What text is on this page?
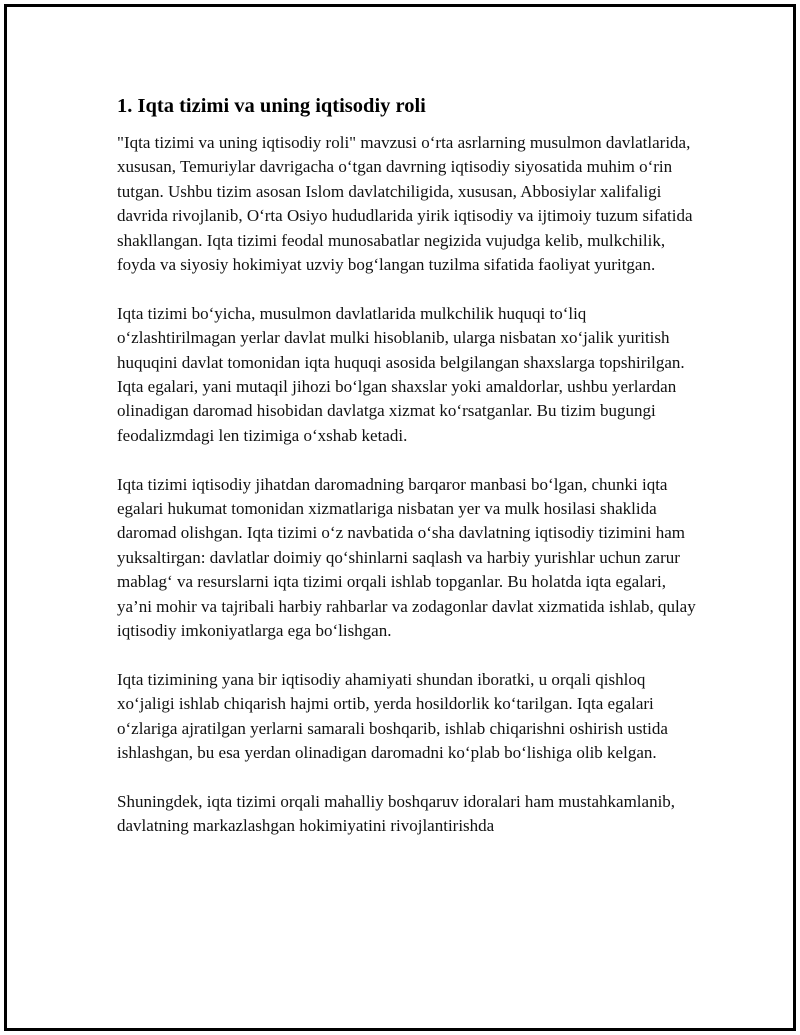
1. Iqta tizimi va uning iqtisodiy roli

"Iqta tizimi va uning iqtisodiy roli" mavzusi o‘rta asrlarning musulmon davlatlarida, xususan, Temuriylar davrigacha o‘tgan davrning iqtisodiy siyosatida muhim o‘rin tutgan. Ushbu tizim asosan Islom davlatchiligida, xususan, Abbosiylar xalifaligi davrida rivojlanib, O‘rta Osiyo hududlarida yirik iqtisodiy va ijtimoiy tuzum sifatida shakllangan. Iqta tizimi feodal munosabatlar negizida vujudga kelib, mulkchilik, foyda va siyosiy hokimiyat uzviy bog‘langan tuzilma sifatida faoliyat yuritgan.

Iqta tizimi bo‘yicha, musulmon davlatlarida mulkchilik huquqi to‘liq o‘zlashtirilmagan yerlar davlat mulki hisoblanib, ularga nisbatan xo‘jalik yuritish huquqini davlat tomonidan iqta huquqi asosida belgilangan shaxslarga topshirilgan. Iqta egalari, yani mutaqil jihozi bo‘lgan shaxslar yoki amaldorlar, ushbu yerlardan olinadigan daromad hisobidan davlatga xizmat ko‘rsatganlar. Bu tizim bugungi feodalizmdagi len tizimiga o‘xshab ketadi.

Iqta tizimi iqtisodiy jihatdan daromadning barqaror manbasi bo‘lgan, chunki iqta egalari hukumat tomonidan xizmatlariga nisbatan yer va mulk hosilasi shaklida daromad olishgan. Iqta tizimi o‘z navbatida o‘sha davlatning iqtisodiy tizimini ham yuksaltirgan: davlatlar doimiy qo‘shinlarni saqlash va harbiy yurishlar uchun zarur mablag‘ va resurslarni iqta tizimi orqali ishlab topganlar. Bu holatda iqta egalari, ya’ni mohir va tajribali harbiy rahbarlar va zodagonlar davlat xizmatida ishlab, qulay iqtisodiy imkoniyatlarga ega bo‘lishgan.

Iqta tizimining yana bir iqtisodiy ahamiyati shundan iboratki, u orqali qishloq xo‘jaligi ishlab chiqarish hajmi ortib, yerda hosildorlik ko‘tarilgan. Iqta egalari o‘zlariga ajratilgan yerlarni samarali boshqarib, ishlab chiqarishni oshirish ustida ishlashgan, bu esa yerdan olinadigan daromadni ko‘plab bo‘lishiga olib kelgan.

Shuningdek, iqta tizimi orqali mahalliy boshqaruv idoralari ham mustahkamlanib, davlatning markazlashgan hokimiyatini rivojlantirishda
